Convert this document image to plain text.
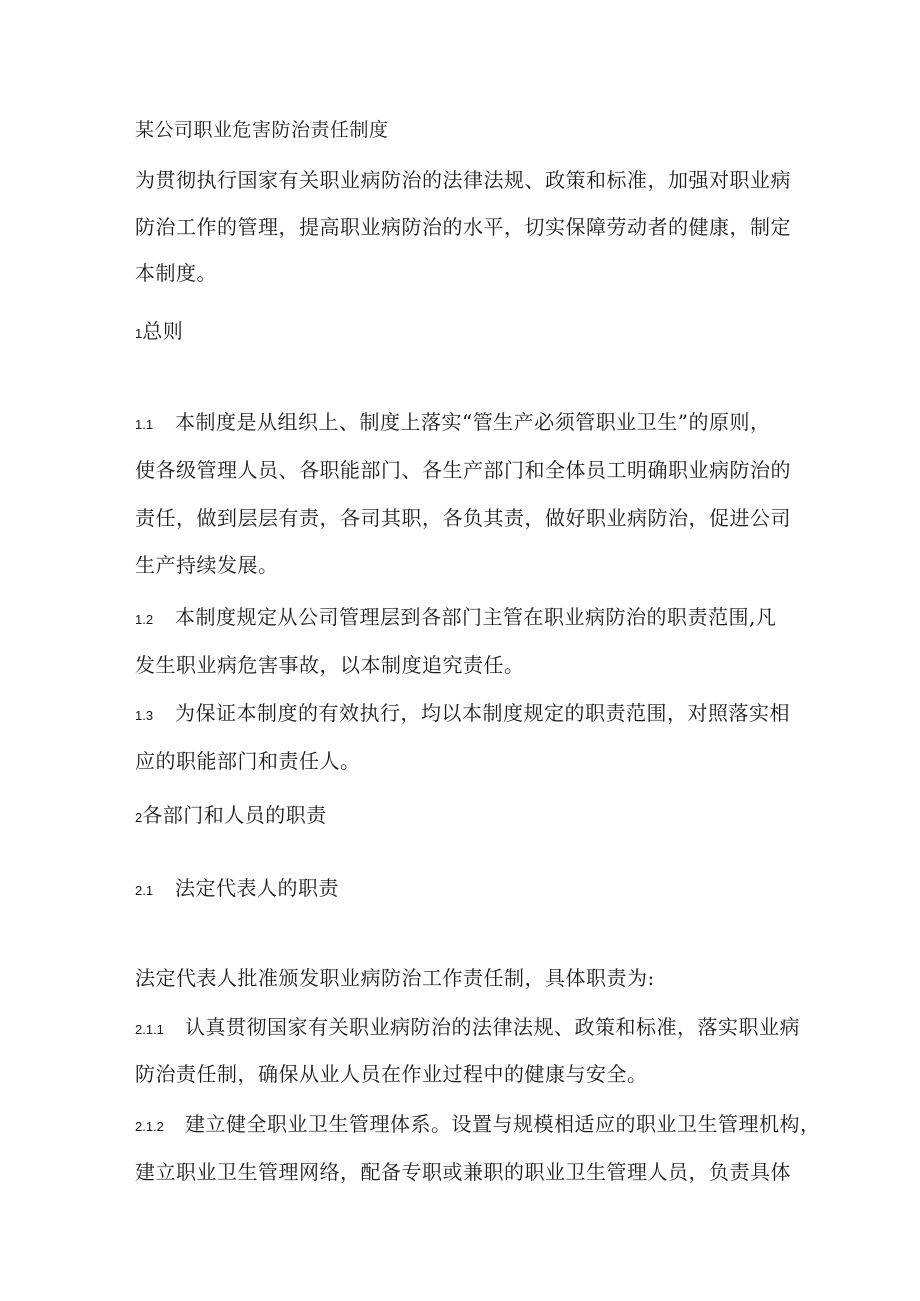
某公司职业危害防治责任制度
为贯彻执行国家有关职业病防治的法律法规、政策和标准，加强对职业病
防治工作的管理，提高职业病防治的水平，切实保障劳动者的健康，制定
本制度。
1总则
1.1 本制度是从组织上、制度上落实“管生产必须管职业卫生”的原则，
使各级管理人员、各职能部门、各生产部门和全体员工明确职业病防治的
责任，做到层层有责，各司其职，各负其责，做好职业病防治，促进公司
生产持续发展。
1.2 本制度规定从公司管理层到各部门主管在职业病防治的职责范围,凡
发生职业病危害事故，以本制度追究责任。
1.3 为保证本制度的有效执行，均以本制度规定的职责范围，对照落实相
应的职能部门和责任人。
2各部门和人员的职责
2.1 法定代表人的职责
法定代表人批准颁发职业病防治工作责任制，具体职责为:
2.1.1 认真贯彻国家有关职业病防治的法律法规、政策和标准，落实职业病
防治责任制，确保从业人员在作业过程中的健康与安全。
2.1.2 建立健全职业卫生管理体系。设置与规模相适应的职业卫生管理机构，
建立职业卫生管理网络，配备专职或兼职的职业卫生管理人员，负责具体
